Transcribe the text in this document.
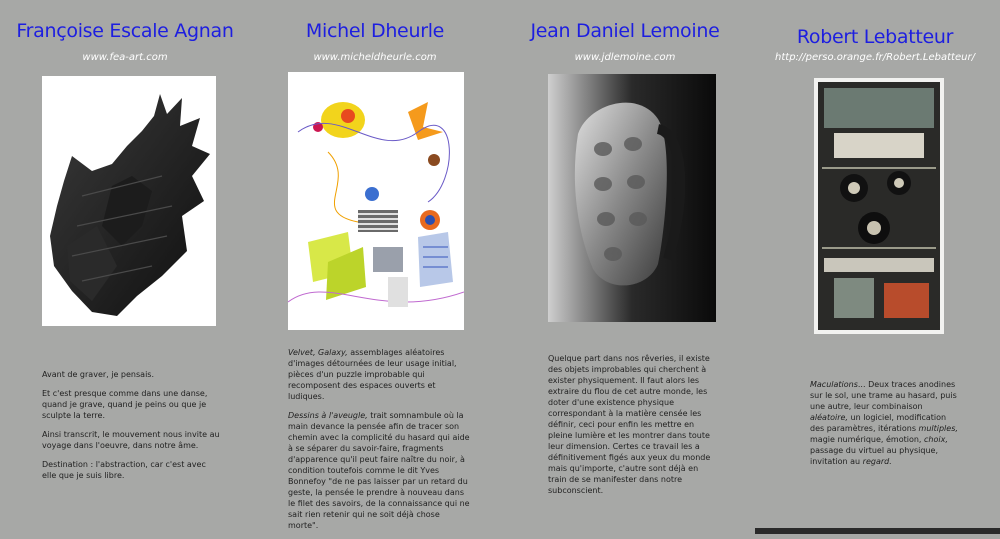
Françoise Escale Agnan
www.fea-art.com

Avant de graver, je pensais.

Et c'est presque comme dans une danse, quand je grave, quand je peins ou que je sculpte la terre.

Ainsi transcrit, le mouvement nous invite au voyage dans l'oeuvre, dans notre âme.

Destination : l'abstraction, car c'est avec elle que je suis libre.

Michel Dheurle
www.micheldheurle.com

Velvet, Galaxy, assemblages aléatoires d'images détournées de leur usage initial, pièces d'un puzzle improbable qui recomposent des espaces ouverts et ludiques.

Dessins à l'aveugle, trait somnambule où la main devance la pensée afin de tracer son chemin avec la complicité du hasard qui aide à se séparer du savoir-faire, fragments d'apparence qu'il peut faire naître du noir, à condition toutefois comme le dit Yves Bonnefoy "de ne pas laisser par un retard du geste, la pensée le prendre à nouveau dans le filet des savoirs, de la connaissance qui ne sait rien retenir qui ne soit déjà chose morte".

Jean Daniel Lemoine
www.jdlemoine.com

Quelque part dans nos rêveries, il existe des objets improbables qui cherchent à exister physiquement. Il faut alors les extraire du flou de cet autre monde, les doter d'une existence physique correspondant à la matière censée les définir, ceci pour enfin les mettre en pleine lumière et les montrer dans toute leur dimension. Certes ce travail les a définitivement figés aux yeux du monde mais qu'importe, c'autre sont déjà en train de se manifester dans notre subconscient.

Robert Lebatteur
http://perso.orange.fr/Robert.Lebatteur/

Maculations... Deux traces anodines sur le sol, une trame au hasard, puis une autre, leur combinaison aléatoire, un logiciel, modification des paramètres, itérations multiples, magie numérique, émotion, choix, passage du virtuel au physique, invitation au regard.
